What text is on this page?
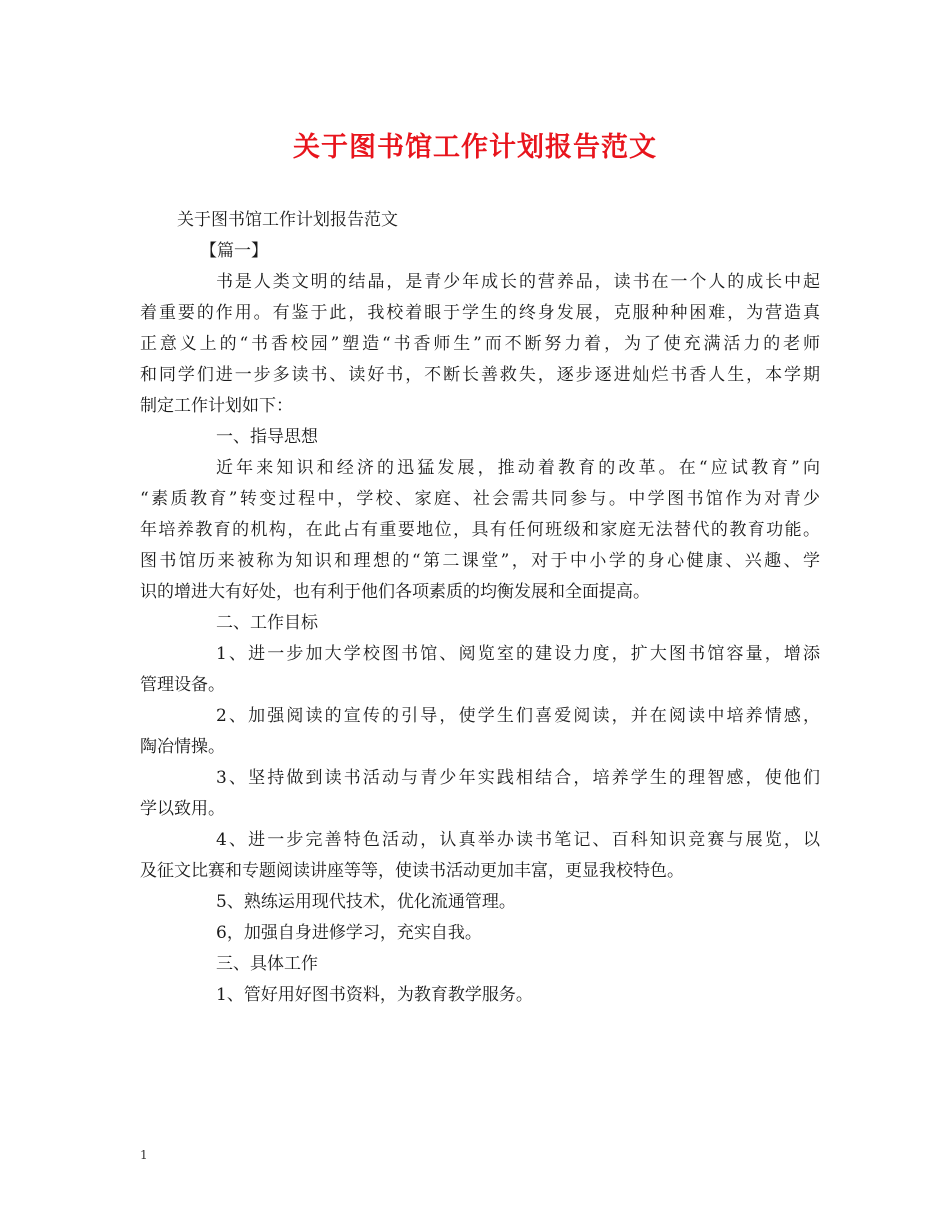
关于图书馆工作计划报告范文
关于图书馆工作计划报告范文
【篇一】
书是人类文明的结晶，是青少年成长的营养品，读书在一个人的成长中起
着重要的作用。有鉴于此，我校着眼于学生的终身发展，克服种种困难，为营造真
正意义上的“书香校园”塑造“书香师生”而不断努力着，为了使充满活力的老师
和同学们进一步多读书、读好书，不断长善救失，逐步逐进灿烂书香人生，本学期
制定工作计划如下：
一、指导思想
近年来知识和经济的迅猛发展，推动着教育的改革。在“应试教育”向
“素质教育”转变过程中，学校、家庭、社会需共同参与。中学图书馆作为对青少
年培养教育的机构，在此占有重要地位，具有任何班级和家庭无法替代的教育功能。
图书馆历来被称为知识和理想的“第二课堂”，对于中小学的身心健康、兴趣、学
识的增进大有好处，也有利于他们各项素质的均衡发展和全面提高。
二、工作目标
1、进一步加大学校图书馆、阅览室的建设力度，扩大图书馆容量，增添
管理设备。
2、加强阅读的宣传的引导，使学生们喜爱阅读，并在阅读中培养情感，
陶冶情操。
3、坚持做到读书活动与青少年实践相结合，培养学生的理智感，使他们
学以致用。
4、进一步完善特色活动，认真举办读书笔记、百科知识竞赛与展览，以
及征文比赛和专题阅读讲座等等，使读书活动更加丰富，更显我校特色。
5、熟练运用现代技术，优化流通管理。
6，加强自身进修学习，充实自我。
三、具体工作
1、管好用好图书资料，为教育教学服务。
1
